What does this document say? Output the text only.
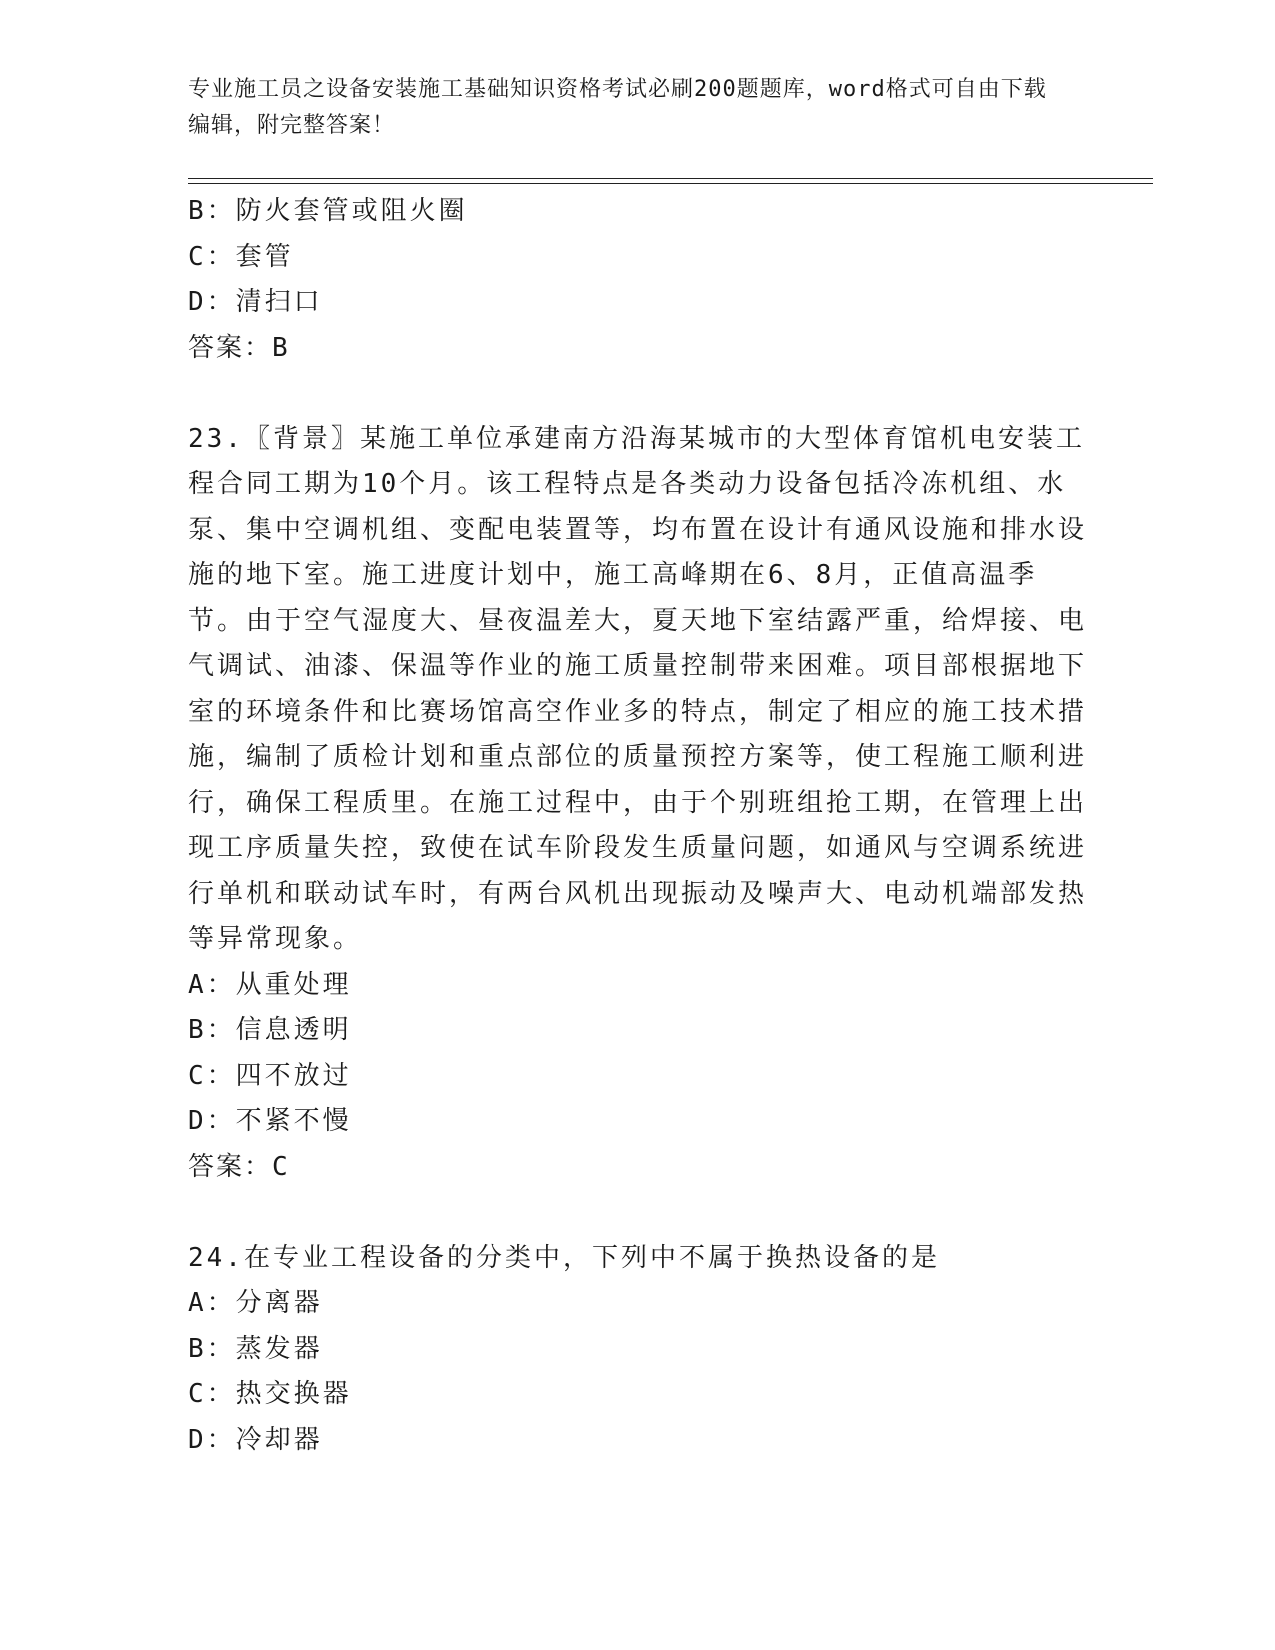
专业施工员之设备安装施工基础知识资格考试必刷200题题库，word格式可自由下载编辑，附完整答案！
B：防火套管或阻火圈
C：套管
D：清扫口
答案：B
23.〖背景〗某施工单位承建南方沿海某城市的大型体育馆机电安装工程合同工期为10个月。该工程特点是各类动力设备包括冷冻机组、水泵、集中空调机组、变配电装置等，均布置在设计有通风设施和排水设施的地下室。施工进度计划中，施工高峰期在6、8月，正值高温季节。由于空气湿度大、昼夜温差大，夏天地下室结露严重，给焊接、电气调试、油漆、保温等作业的施工质量控制带来困难。项目部根据地下室的环境条件和比赛场馆高空作业多的特点，制定了相应的施工技术措施，编制了质检计划和重点部位的质量预控方案等，使工程施工顺利进行，确保工程质里。在施工过程中，由于个别班组抢工期，在管理上出现工序质量失控，致使在试车阶段发生质量问题，如通风与空调系统进行单机和联动试车时，有两台风机出现振动及噪声大、电动机端部发热等异常现象。
A：从重处理
B：信息透明
C：四不放过
D：不紧不慢
答案：C
24.在专业工程设备的分类中，下列中不属于换热设备的是
A：分离器
B：蒸发器
C：热交换器
D：冷却器
